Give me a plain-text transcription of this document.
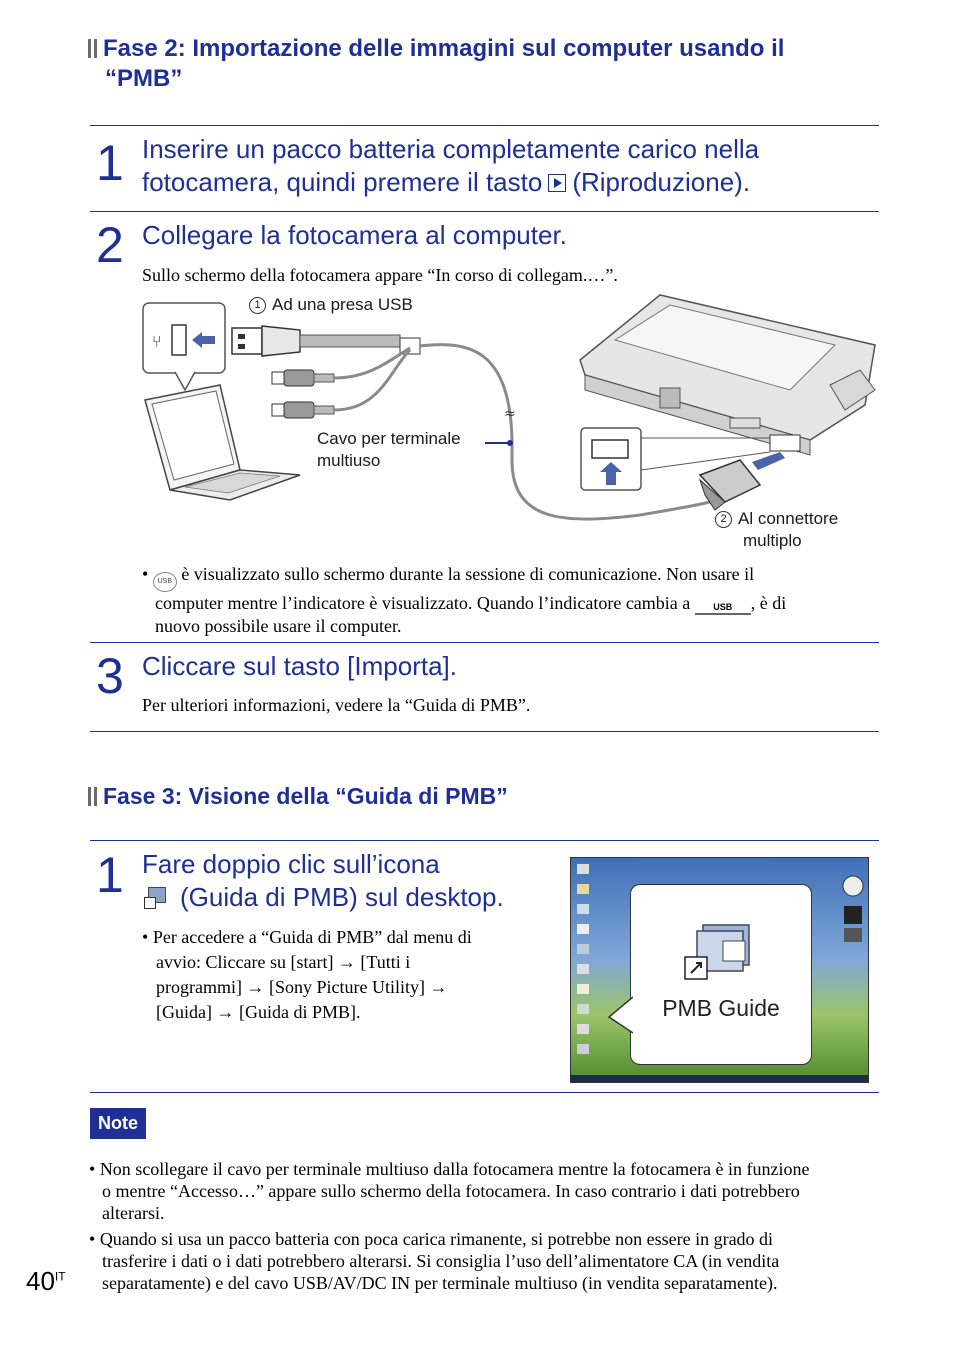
Fase 2: Importazione delle immagini sul computer usando il
“PMB”
1 Inserire un pacco batteria completamente carico nella
fotocamera, quindi premere il tasto (Riproduzione).
2 Collegare la fotocamera al computer.
Sullo schermo della fotocamera appare “In corso di collegam.…”.
⑂
≈
1 Ad una presa USB
Cavo per terminale
multiuso
2 Al connettore
multiplo
• USB è visualizzato sullo schermo durante la sessione di comunicazione. Non usare il
computer mentre l’indicatore è visualizzato. Quando l’indicatore cambia a	USB , è di
nuovo possibile usare il computer.
3 Cliccare sul tasto [Importa].
Per ulteriori informazioni, vedere la “Guida di PMB”.
Fase 3: Visione della “Guida di PMB”
1 Fare doppio clic sull’icona

(Guida di PMB) sul desktop.
• Per accedere a “Guida di PMB” dal menu di
avvio: Cliccare su [start] → [Tutti i
programmi] → [Sony Picture Utility] →
[Guida] → [Guida di PMB].	PMB Guide
Note
• Non scollegare il cavo per terminale multiuso dalla fotocamera mentre la fotocamera è in funzione
o mentre “Accesso…” appare sullo schermo della fotocamera. In caso contrario i dati potrebbero
alterarsi.
• Quando si usa un pacco batteria con poca carica rimanente, si potrebbe non essere in grado di
trasferire i dati o i dati potrebbero alterarsi. Si consiglia l’uso dell’alimentatore CA (in vendita
separatamente) e del cavo USB/AV/DC IN per terminale multiuso (in vendita separatamente).
$40^{IT}$
